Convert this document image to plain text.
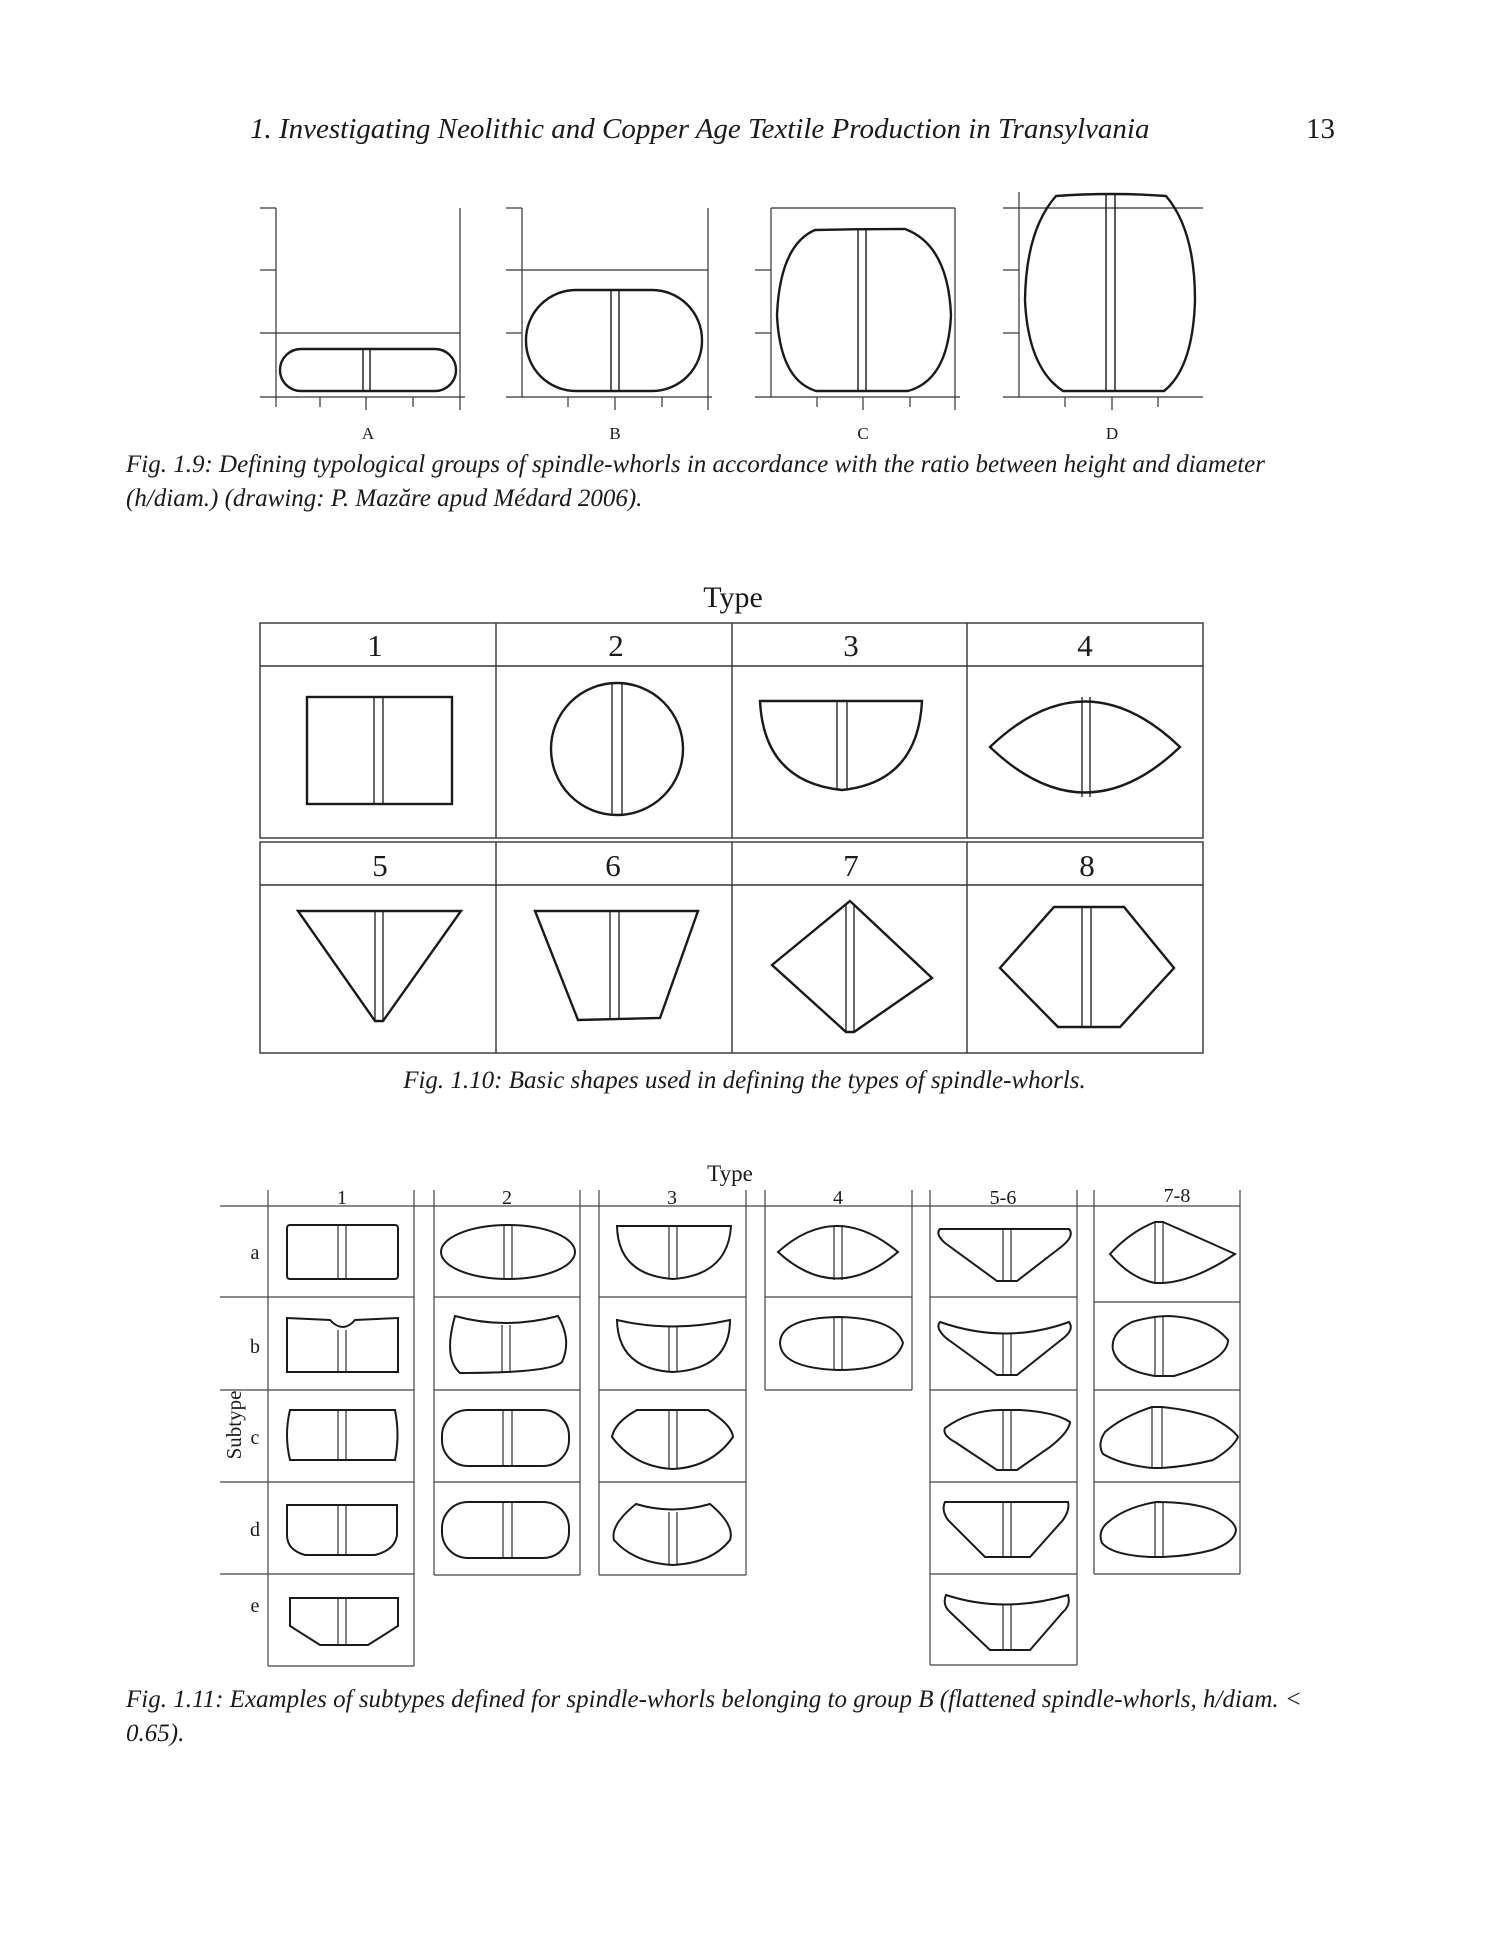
1. Investigating Neolithic and Copper Age Textile Production in Transylvania	13
A	B	C	D
Type
1	2	3	4
5	6	7	8
Type
1	2	3	4	5-6	7-8
a
b
c
d
e
Subtype
Fig. 1.9: Defining typological groups of spindle-whorls in accordance with the ratio between height and diameter (h/diam.) (drawing: P. Mazăre apud Médard 2006).
Fig. 1.10: Basic shapes used in defining the types of spindle-whorls.
Fig. 1.11: Examples of subtypes defined for spindle-whorls belonging to group B (flattened spindle-whorls, h/diam. < 0.65).
